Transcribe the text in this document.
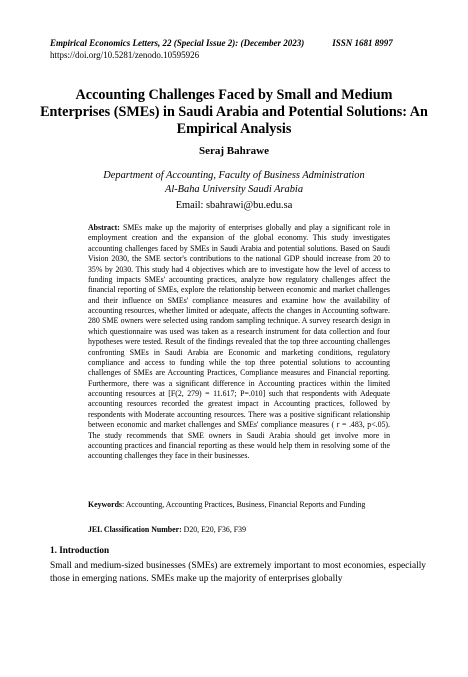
Empirical Economics Letters, 22 (Special Issue 2): (December 2023)	ISSN 1681 8997
https://doi.org/10.5281/zenodo.10595926
Accounting Challenges Faced by Small and Medium Enterprises (SMEs) in Saudi Arabia and Potential Solutions: An Empirical Analysis
Seraj Bahrawe
Department of Accounting, Faculty of Business Administration
Al-Baha University Saudi Arabia
Email: sbahrawi@bu.edu.sa
Abstract: SMEs make up the majority of enterprises globally and play a significant role in employment creation and the expansion of the global economy. This study investigates accounting challenges faced by SMEs in Saudi Arabia and potential solutions. Based on Saudi Vision 2030, the SME sector's contributions to the national GDP should increase from 20 to 35% by 2030. This study had 4 objectives which are to investigate how the level of access to funding impacts SMEs' accounting practices, analyze how regulatory challenges affect the financial reporting of SMEs, explore the relationship between economic and market challenges and their influence on SMEs' compliance measures and examine how the availability of accounting resources, whether limited or adequate, affects the changes in Accounting software. 280 SME owners were selected using random sampling technique. A survey research design in which questionnaire was used was taken as a research instrument for data collection and four hypotheses were tested. Result of the findings revealed that the top three accounting challenges confronting SMEs in Saudi Arabia are Economic and marketing conditions, regulatory compliance and access to funding while the top three potential solutions to accounting challenges of SMEs are Accounting Practices, Compliance measures and Financial reporting. Furthermore, there was a significant difference in Accounting practices within the limited accounting resources at [F(2, 279) = 11.617; P=.010] such that respondents with Adequate accounting resources recorded the greatest impact in Accounting practices, followed by respondents with Moderate accounting resources. There was a positive significant relationship between economic and market challenges and SMEs' compliance measures ( r = .483, p<.05). The study recommends that SME owners in Saudi Arabia should get involve more in accounting practices and financial reporting as these would help them in resolving some of the accounting challenges they face in their businesses.
Keywords: Accounting, Accounting Practices, Business, Financial Reports and Funding
JEL Classification Number: D20, E20, F36, F39
1. Introduction
Small and medium-sized businesses (SMEs) are extremely important to most economies, especially those in emerging nations. SMEs make up the majority of enterprises globally
